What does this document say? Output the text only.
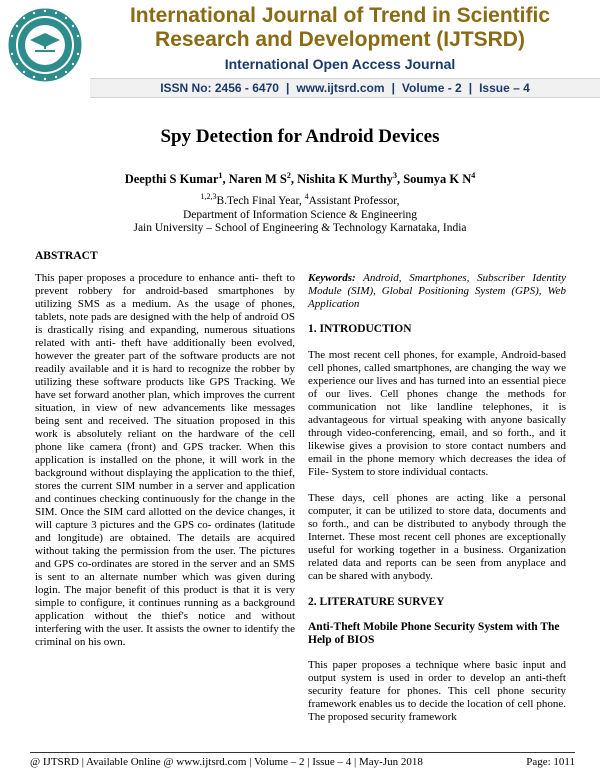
International Journal of Trend in Scientific
Research and Development (IJTSRD)
International Open Access Journal
ISSN No: 2456 - 6470 | www.ijtsrd.com | Volume - 2 | Issue – 4
Spy Detection for Android Devices
Deepthi S Kumar$^1$, Naren M $S^2$, Nishita K Murthy$^3$, Soumya K $N^4$
$^{1,2,3}$B.Tech Final Year, $^4$Assistant Professor,
Department of Information Science & Engineering
Jain University – School of Engineering & Technology Karnataka, India
ABSTRACT
This paper proposes a procedure to enhance anti- theft to prevent robbery for android-based smartphones by utilizing SMS as a medium. As the usage of phones, tablets, note pads are designed with the help of android OS is drastically rising and expanding, numerous situations related with anti- theft have additionally been evolved, however the greater part of the software products are not readily available and it is hard to recognize the robber by utilizing these software products like GPS Tracking. We have set forward another plan, which improves the current situation, in view of new advancements like messages being sent and received. The situation proposed in this work is absolutely reliant on the hardware of the cell phone like camera (front) and GPS tracker. When this application is installed on the phone, it will work in the background without displaying the application to the thief, stores the current SIM number in a server and application and continues checking continuously for the change in the SIM. Once the SIM card allotted on the device changes, it will capture 3 pictures and the GPS co- ordinates (latitude and longitude) are obtained. The details are acquired without taking the permission from the user. The pictures and GPS co-ordinates are stored in the server and an SMS is sent to an alternate number which was given during login. The major benefit of this product is that it is very simple to configure, it continues running as a background application without the thief's notice and without interfering with the user. It assists the owner to identify the criminal on his own.
Keywords: Android, Smartphones, Subscriber Identity Module (SIM), Global Positioning System (GPS), Web Application
1. INTRODUCTION
The most recent cell phones, for example, Android-based cell phones, called smartphones, are changing the way we experience our lives and has turned into an essential piece of our lives. Cell phones change the methods for communication not like landline telephones, it is advantageous for virtual speaking with anyone basically through video-conferencing, email, and so forth., and it likewise gives a provision to store contact numbers and email in the phone memory which decreases the idea of File- System to store individual contacts.
These days, cell phones are acting like a personal computer, it can be utilized to store data, documents and so forth., and can be distributed to anybody through the Internet. These most recent cell phones are exceptionally useful for working together in a business. Organization related data and reports can be seen from anyplace and can be shared with anybody.
2. LITERATURE SURVEY
Anti-Theft Mobile Phone Security System with The Help of BIOS
This paper proposes a technique where basic input and output system is used in order to develop an anti-theft security feature for phones. This cell phone security framework enables us to decide the location of cell phone. The proposed security framework
@ IJTSRD | Available Online @ www.ijtsrd.com | Volume – 2 | Issue – 4 | May-Jun 2018	Page: 1011
